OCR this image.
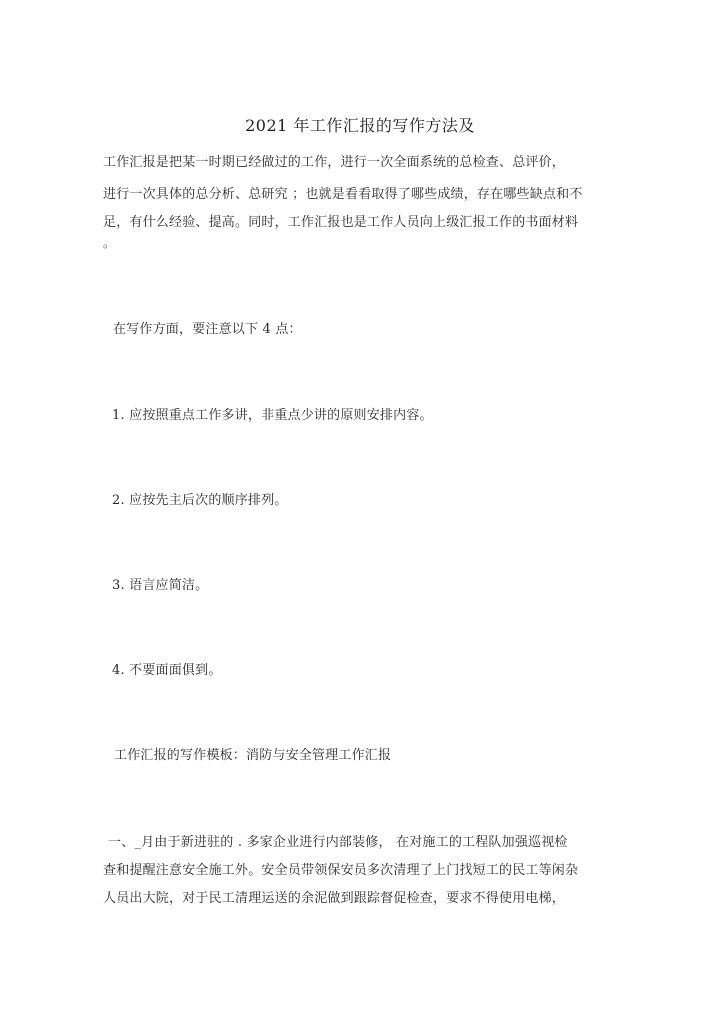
2021 年工作汇报的写作方法及
工作汇报是把某一时期已经做过的工作，进行一次全面系统的总检查、总评价，
进行一次具体的总分析、总研究 ；也就是看看取得了哪些成绩，存在哪些缺点和不
足，有什么经验、提高。同时，工作汇报也是工作人员向上级汇报工作的书面材料
。
在写作方面，要注意以下 4 点：
1. 应按照重点工作多讲，非重点少讲的原则安排内容。
2. 应按先主后次的顺序排列。
3. 语言应简洁。
4. 不要面面俱到。
工作汇报的写作模板：消防与安全管理工作汇报
一、_月由于新进驻的 . 多家企业进行内部装修， 在对施工的工程队加强巡视检
查和提醒注意安全施工外。安全员带领保安员多次清理了上门找短工的民工等闲杂
人员出大院，对于民工清理运送的余泥做到跟踪督促检查，要求不得使用电梯，
